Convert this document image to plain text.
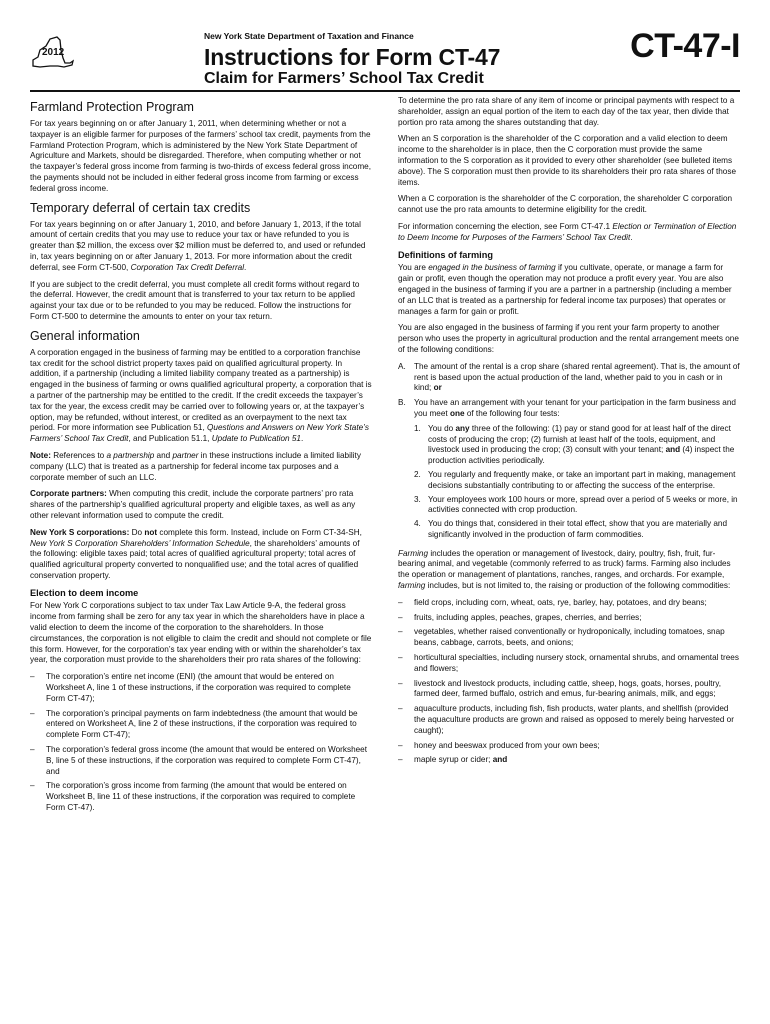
2012
New York State Department of Taxation and Finance
Instructions for Form CT-47
Claim for Farmers’ School Tax Credit
CT-47-I
Farmland Protection Program

For tax years beginning on or after January 1, 2011, when determining whether or not a taxpayer is an eligible farmer for purposes of the farmers’ school tax credit, payments from the Farmland Protection Program, which is administered by the New York State Department of Agriculture and Markets, should be disregarded. Therefore, when computing whether or not the taxpayer’s federal gross income from farming is two-thirds of excess federal gross income, the payments should not be included in either federal gross income from farming or excess federal gross income.

Temporary deferral of certain tax credits

For tax years beginning on or after January 1, 2010, and before January 1, 2013, if the total amount of certain credits that you may use to reduce your tax or have refunded to you is greater than $2 million, the excess over $2 million must be deferred to, and used or refunded in, tax years beginning on or after January 1, 2013. For more information about the credit deferral, see Form CT-500, Corporation Tax Credit Deferral.

If you are subject to the credit deferral, you must complete all credit forms without regard to the deferral. However, the credit amount that is transferred to your tax return to be applied against your tax due or to be refunded to you may be reduced. Follow the instructions for Form CT-500 to determine the amounts to enter on your tax return.

General information

A corporation engaged in the business of farming may be entitled to a corporation franchise tax credit for the school district property taxes paid on qualified agricultural property. In addition, if a partnership (including a limited liability company treated as a partnership) is engaged in the business of farming or owns qualified agricultural property, a corporation that is a partner of the partnership may be entitled to the credit. If the credit exceeds the taxpayer’s tax for the year, the excess credit may be carried over to following years or, at the taxpayer’s option, may be refunded, without interest, or credited as an overpayment to the next tax period. For more information see Publication 51, Questions and Answers on New York State’s Farmers’ School Tax Credit, and Publication 51.1, Update to Publication 51.

Note: References to a partnership and partner in these instructions include a limited liability company (LLC) that is treated as a partnership for federal income tax purposes and a corporate member of such an LLC.

Corporate partners: When computing this credit, include the corporate partners’ pro rata shares of the partnership’s qualified agricultural property and eligible taxes, as well as any other relevant information used to compute the credit.

New York S corporations: Do not complete this form. Instead, include on Form CT-34-SH, New York S Corporation Shareholders’ Information Schedule, the shareholders’ amounts of the following: eligible taxes paid; total acres of qualified agricultural property; total acres of qualified agricultural property converted to nonqualified use; and the total acres of qualified conservation property.

Election to deem income

For New York C corporations subject to tax under Tax Law Article 9-A, the federal gross income from farming shall be zero for any tax year in which the shareholders have in place a valid election to deem the income of the corporation to the shareholders. In those circumstances, the corporation is not eligible to claim the credit and should not complete or file this form. However, for the corporation’s tax year ending with or within the shareholder’s tax year, the corporation must provide to the shareholders their pro rata shares of the following:

– The corporation’s entire net income (ENI) (the amount that would be entered on Worksheet A, line 1 of these instructions, if the corporation was required to complete Form CT-47);
– The corporation’s principal payments on farm indebtedness (the amount that would be entered on Worksheet A, line 2 of these instructions, if the corporation was required to complete Form CT-47);
– The corporation’s federal gross income (the amount that would be entered on Worksheet B, line 5 of these instructions, if the corporation was required to complete Form CT-47), and
– The corporation’s gross income from farming (the amount that would be entered on Worksheet B, line 11 of these instructions, if the corporation was required to complete Form CT-47).

To determine the pro rata share of any item of income or principal payments with respect to a shareholder, assign an equal portion of the item to each day of the tax year, then divide that portion pro rata among the shares outstanding that day.

When an S corporation is the shareholder of the C corporation and a valid election to deem income to the shareholder is in place, then the C corporation must provide the same information to the S corporation as it provided to every other shareholder (see bulleted items above). The S corporation must then provide to its shareholders their pro rata shares of those items.

When a C corporation is the shareholder of the C corporation, the shareholder C corporation cannot use the pro rata amounts to determine eligibility for the credit.

For information concerning the election, see Form CT-47.1 Election or Termination of Election to Deem Income for Purposes of the Farmers’ School Tax Credit.

Definitions of farming

You are engaged in the business of farming if you cultivate, operate, or manage a farm for gain or profit, even though the operation may not produce a profit every year. You are also engaged in the business of farming if you are a partner in a partnership (including a member of an LLC that is treated as a partnership for federal income tax purposes) that operates or manages a farm for gain or profit.

You are also engaged in the business of farming if you rent your farm property to another person who uses the property in agricultural production and the rental arrangement meets one of the following conditions:

A. The amount of the rental is a crop share (shared rental agreement). That is, the amount of rent is based upon the actual production of the land, whether paid to you in cash or in kind; or
B. You have an arrangement with your tenant for your participation in the farm business and you meet one of the following four tests:
1. You do any three of the following: (1) pay or stand good for at least half of the direct costs of producing the crop; (2) furnish at least half of the tools, equipment, and livestock used in producing the crop; (3) consult with your tenant; and (4) inspect the production activities periodically.
2. You regularly and frequently make, or take an important part in making, management decisions substantially contributing to or affecting the success of the enterprise.
3. Your employees work 100 hours or more, spread over a period of 5 weeks or more, in activities connected with crop production.
4. You do things that, considered in their total effect, show that you are materially and significantly involved in the production of farm commodities.

Farming includes the operation or management of livestock, dairy, poultry, fish, fruit, fur-bearing animal, and vegetable (commonly referred to as truck) farms. Farming also includes the operation or management of plantations, ranches, ranges, and orchards. For example, farming includes, but is not limited to, the raising or production of the following commodities:

– field crops, including corn, wheat, oats, rye, barley, hay, potatoes, and dry beans;
– fruits, including apples, peaches, grapes, cherries, and berries;
– vegetables, whether raised conventionally or hydroponically, including tomatoes, snap beans, cabbage, carrots, beets, and onions;
– horticultural specialties, including nursery stock, ornamental shrubs, and ornamental trees and flowers;
– livestock and livestock products, including cattle, sheep, hogs, goats, horses, poultry, farmed deer, farmed buffalo, ostrich and emus, fur-bearing animals, milk, and eggs;
– aquaculture products, including fish, fish products, water plants, and shellfish (provided the aquaculture products are grown and raised as opposed to merely being harvested or caught);
– honey and beeswax produced from your own bees;
– maple syrup or cider; and
